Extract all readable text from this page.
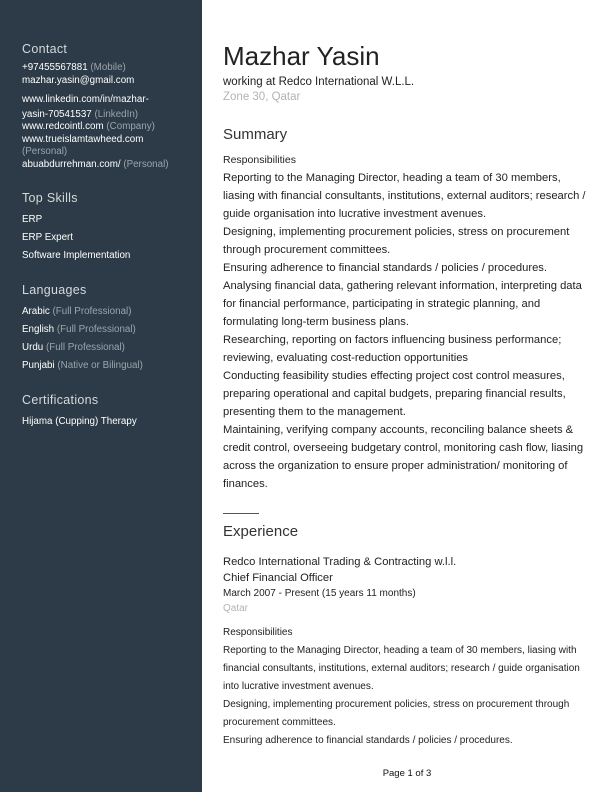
Contact
+97455567881 (Mobile)
mazhar.yasin@gmail.com
www.linkedin.com/in/mazhar-
yasin-70541537 (LinkedIn)
www.redcointl.com (Company)
www.trueislamtawheed.com
(Personal)
abuabdurrehman.com/ (Personal)
Top Skills
ERP
ERP Expert
Software Implementation
Languages
Arabic (Full Professional)
English (Full Professional)
Urdu (Full Professional)
Punjabi (Native or Bilingual)
Certifications
Hijama (Cupping) Therapy
Mazhar Yasin
working at Redco International W.L.L.
Zone 30, Qatar
Summary
Responsibilities
Reporting to the Managing Director, heading a team of 30 members, liasing with financial consultants, institutions, external auditors; research / guide organisation into lucrative investment avenues.
Designing, implementing procurement policies, stress on procurement through procurement committees.
Ensuring adherence to financial standards / policies / procedures.
Analysing financial data, gathering relevant information, interpreting data for financial performance, participating in strategic planning, and formulating long-term business plans.
Researching, reporting on factors influencing business performance; reviewing, evaluating cost-reduction opportunities
Conducting feasibility studies effecting project cost control measures, preparing operational and capital budgets, preparing financial results, presenting them to the management.
Maintaining, verifying company accounts, reconciling balance sheets & credit control, overseeing budgetary control, monitoring cash flow, liasing across the organization to ensure proper administration/ monitoring of finances.
Experience
Redco International Trading & Contracting w.l.l.
Chief Financial Officer
March 2007 - Present (15 years 11 months)
Qatar
Responsibilities
Reporting to the Managing Director, heading a team of 30 members, liasing with financial consultants, institutions, external auditors; research / guide organisation into lucrative investment avenues.
Designing, implementing procurement policies, stress on procurement through procurement committees.
Ensuring adherence to financial standards / policies / procedures.
Page 1 of 3
